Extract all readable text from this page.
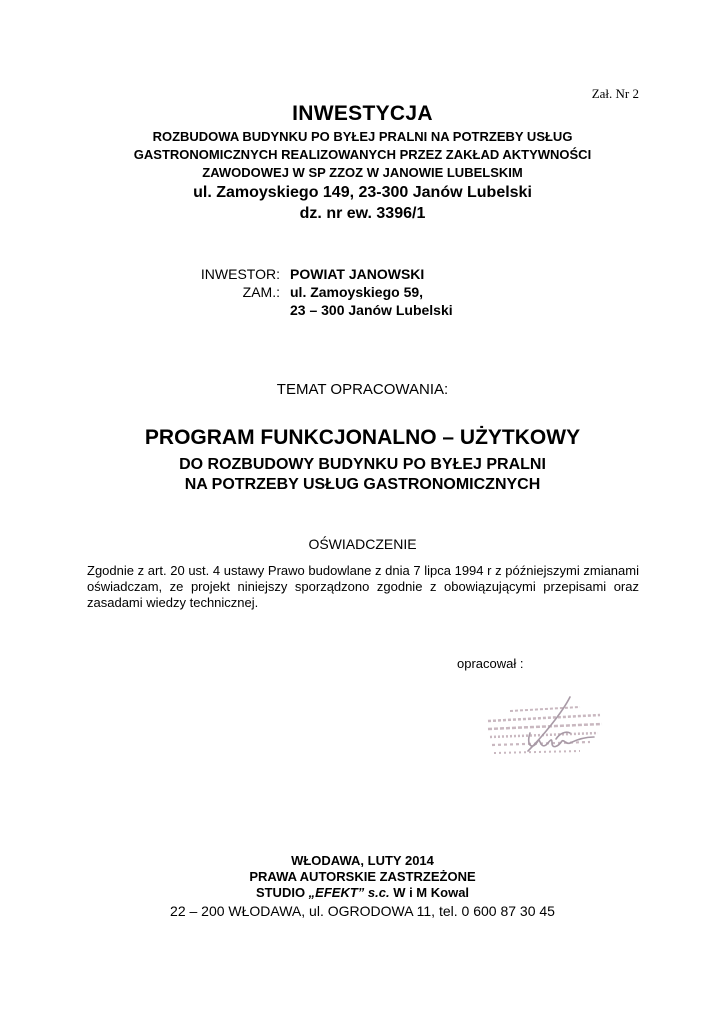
Zał. Nr 2
INWESTYCJA
ROZBUDOWA BUDYNKU PO BYŁEJ PRALNI NA POTRZEBY USŁUG
GASTRONOMICZNYCH REALIZOWANYCH PRZEZ ZAKŁAD AKTYWNOŚCI
ZAWODOWEJ W SP ZZOZ W JANOWIE LUBELSKIM
ul. Zamoyskiego 149, 23-300 Janów Lubelski
dz. nr ew. 3396/1
INWESTOR: POWIAT JANOWSKI
ZAM.: ul. Zamoyskiego 59,
23 – 300 Janów Lubelski
TEMAT OPRACOWANIA:
PROGRAM FUNKCJONALNO – UŻYTKOWY
DO ROZBUDOWY BUDYNKU PO BYŁEJ PRALNI
NA POTRZEBY USŁUG GASTRONOMICZNYCH
OŚWIADCZENIE
Zgodnie z art. 20 ust. 4 ustawy Prawo budowlane z dnia 7 lipca 1994 r z późniejszymi zmianami oświadczam, ze projekt niniejszy sporządzono zgodnie z obowiązującymi przepisami oraz zasadami wiedzy technicznej.
opracował :
WŁODAWA, LUTY 2014
PRAWA AUTORSKIE ZASTRZEŻONE
STUDIO „EFEKT” s.c. W i M Kowal
22 – 200 WŁODAWA, ul. OGRODOWA 11, tel. 0 600 87 30 45
